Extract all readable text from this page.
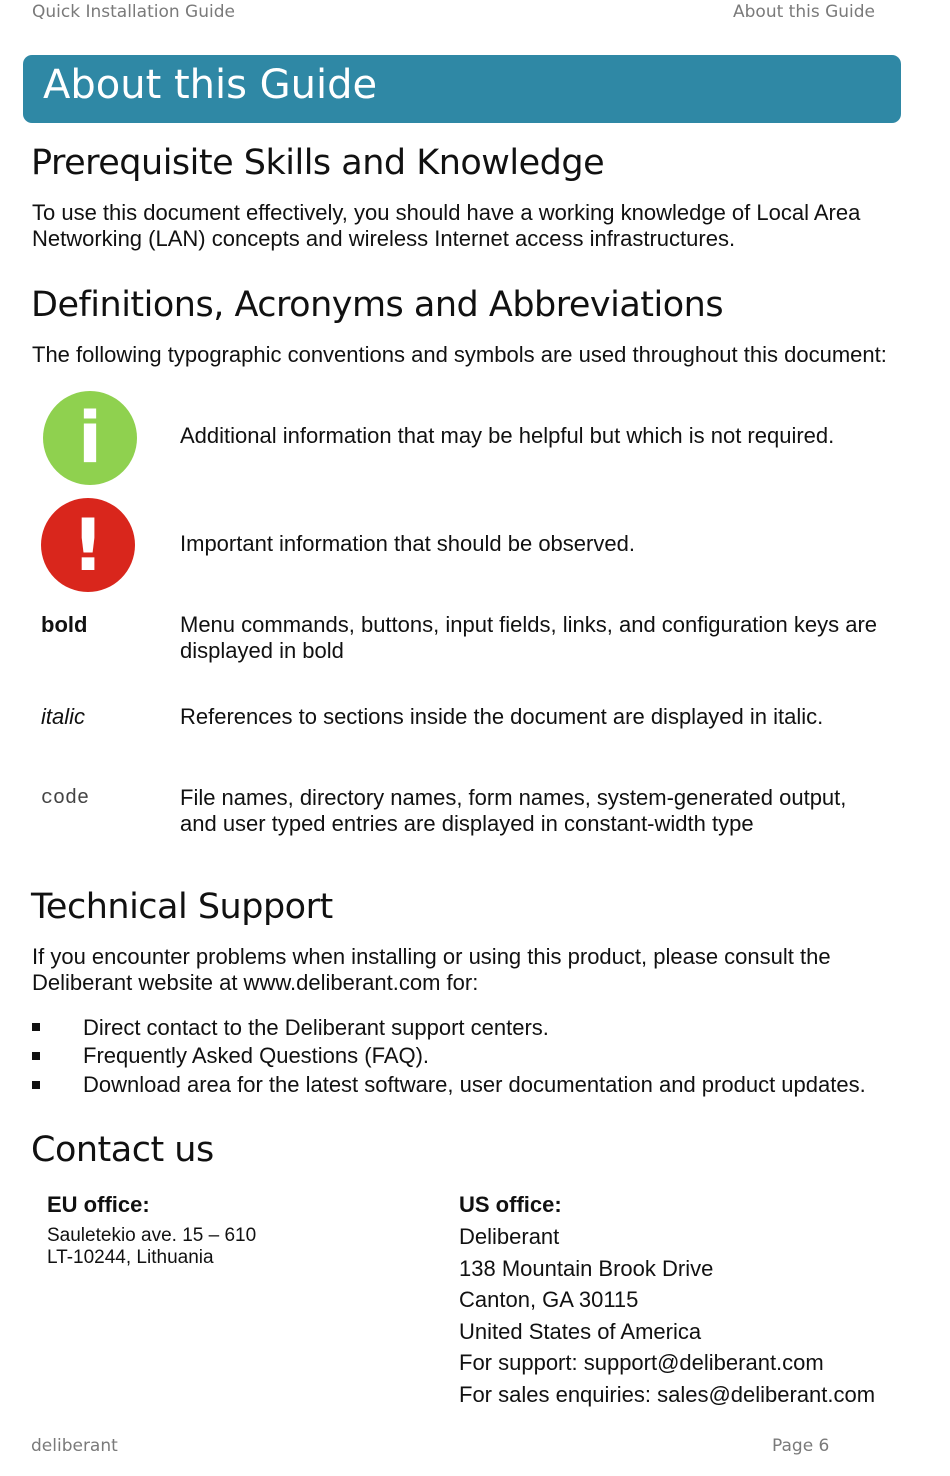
Quick Installation Guide	About this Guide
About this Guide
Prerequisite Skills and Knowledge
To use this document effectively, you should have a working knowledge of Local Area
Networking (LAN) concepts and wireless Internet access infrastructures.
Definitions, Acronyms and Abbreviations
The following typographic conventions and symbols are used throughout this document:
i	Additional information that may be helpful but which is not required.
!	Important information that should be observed.
bold	Menu commands, buttons, input fields, links, and configuration keys are
displayed in bold
italic	References to sections inside the document are displayed in italic.
code	File names, directory names, form names, system-generated output,
and user typed entries are displayed in constant-width type
Technical Support
If you encounter problems when installing or using this product, please consult the
Deliberant website at www.deliberant.com for:
Direct contact to the Deliberant support centers.
Frequently Asked Questions (FAQ).
Download area for the latest software, user documentation and product updates.
Contact us
EU office:
Sauletekio ave. 15 – 610
LT-10244, Lithuania
US office:
Deliberant
138 Mountain Brook Drive
Canton, GA 30115
United States of America
For support: support@deliberant.com
For sales enquiries: sales@deliberant.com
deliberant	Page 6
